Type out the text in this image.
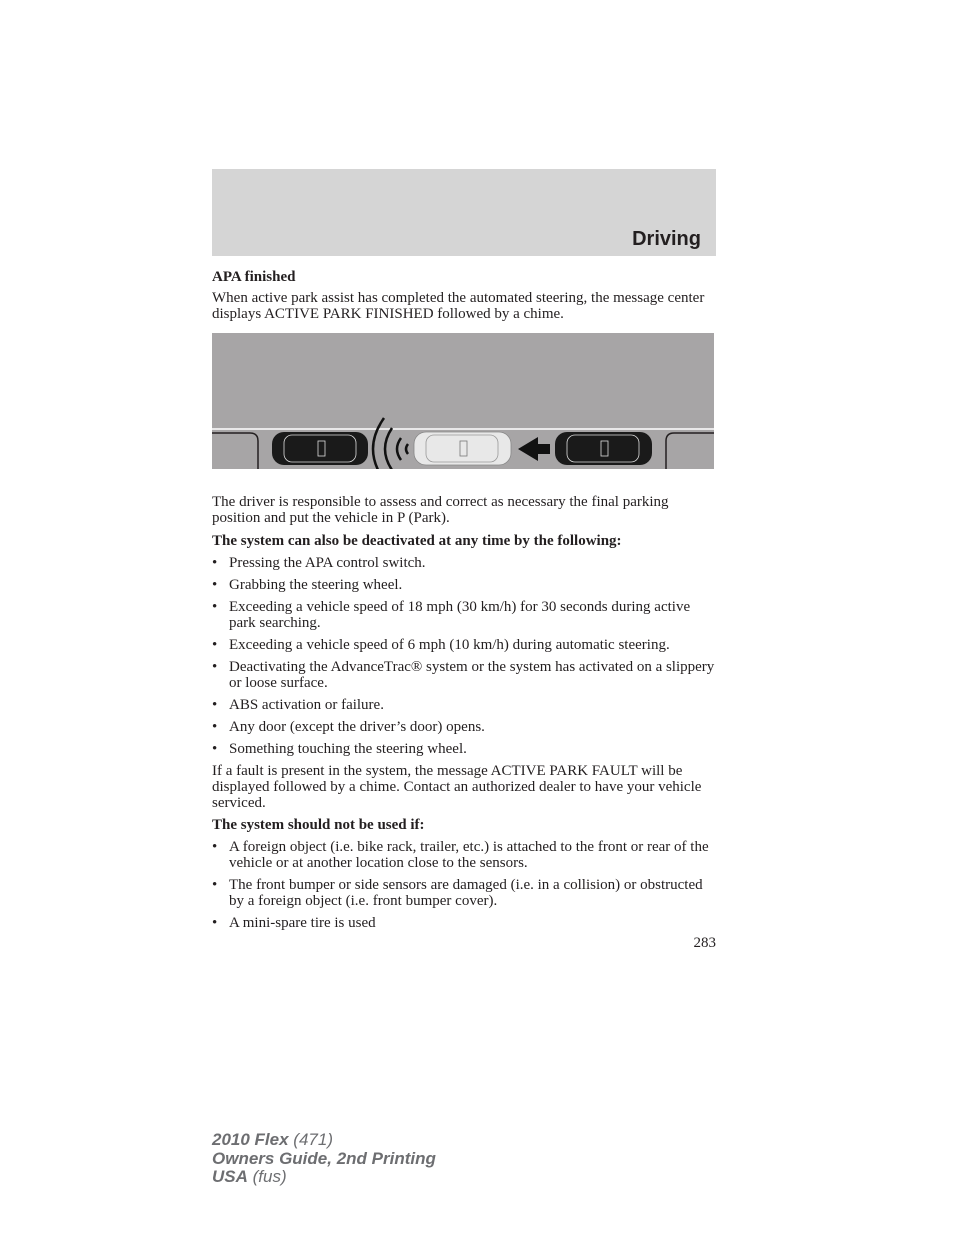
Driving
APA finished
When active park assist has completed the automated steering, the message center displays ACTIVE PARK FINISHED followed by a chime.
The driver is responsible to assess and correct as necessary the final parking position and put the vehicle in P (Park).
The system can also be deactivated at any time by the following:
• Pressing the APA control switch.
• Grabbing the steering wheel.
• Exceeding a vehicle speed of 18 mph (30 km/h) for 30 seconds during active park searching.
• Exceeding a vehicle speed of 6 mph (10 km/h) during automatic steering.
• Deactivating the AdvanceTrac® system or the system has activated on a slippery or loose surface.
• ABS activation or failure.
• Any door (except the driver’s door) opens.
• Something touching the steering wheel.
If a fault is present in the system, the message ACTIVE PARK FAULT will be displayed followed by a chime. Contact an authorized dealer to have your vehicle serviced.
The system should not be used if:
• A foreign object (i.e. bike rack, trailer, etc.) is attached to the front or rear of the vehicle or at another location close to the sensors.
• The front bumper or side sensors are damaged (i.e. in a collision) or obstructed by a foreign object (i.e. front bumper cover).
• A mini-spare tire is used
283
2010 Flex (471)
Owners Guide, 2nd Printing
USA (fus)
